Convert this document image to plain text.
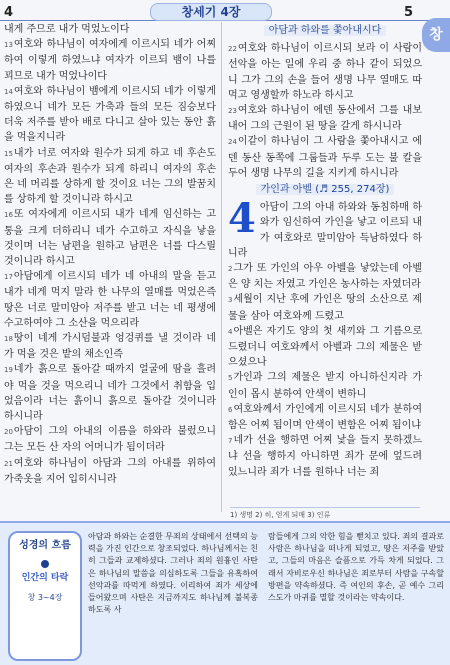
4	창세기 4장	5
창

내게 주므로 내가 먹었노이다

13여호와 하나님이 여자에게 이르시되 네가 어찌하여 이렇게 하였느냐 여자가 이르되 뱀이 나를 꾀므로 내가 먹었나이다

14여호와 하나님이 뱀에게 이르시되 네가 이렇게 하였으니 네가 모든 가축과 들의 모든 짐승보다 더욱 저주를 받아 배로 다니고 살아 있는 동안 흙을 먹을지니라

15내가 너로 여자와 원수가 되게 하고 네 후손도 여자의 후손과 원수가 되게 하리니 여자의 후손은 네 머리를 상하게 할 것이요 너는 그의 발꿈치를 상하게 할 것이니라 하시고

16또 여자에게 이르시되 내가 네게 임신하는 고통을 크게 더하리니 네가 수고하고 자식을 낳을 것이며 너는 남편을 원하고 남편은 너를 다스릴 것이니라 하시고

17아담에게 이르시되 네가 네 아내의 말을 듣고 내가 네게 먹지 말라 한 나무의 열매를 먹었은즉 땅은 너로 말미암아 저주를 받고 너는 네 평생에 수고하여야 그 소산을 먹으리라

18땅이 네게 가시덤불과 엉겅퀴를 낼 것이라 네가 먹을 것은 밭의 채소인즉

19네가 흙으로 돌아갈 때까지 얼굴에 땀을 흘려야 먹을 것을 먹으리니 네가 그것에서 취함을 입었음이라 너는 흙이니 흙으로 돌아갈 것이니라 하시니라

20아담이 그의 아내의 이름을 하와라 불렀으니 그는 모든 산 자의 어머니가 됨이더라

21여호와 하나님이 아담과 그의 아내를 위하여 가죽옷을 지어 입히시니라

아담과 하와를 쫓아내시다

22여호와 하나님이 이르시되 보라 이 사람이 선악을 아는 일에 우리 중 하나 같이 되었으니 그가 그의 손을 들어 생명 나무 열매도 따먹고 영생할까 하노라 하시고

23여호와 하나님이 에덴 동산에서 그를 내보내어 그의 근원이 된 땅을 갈게 하시니라

24이같이 하나님이 그 사람을 쫓아내시고 에덴 동산 동쪽에 그룹들과 두루 도는 불 칼을 두어 생명 나무의 길을 지키게 하시니라

가인과 아벨 (♬ 255, 274장)

4 아담이 그의 아내 하와와 동침하매 하와가 임신하여 가인을 낳고 이르되 내가 여호와로 말미암아 득남하였다 하니라

2그가 또 가인의 아우 아벨을 낳았는데 아벨은 양 치는 자였고 가인은 농사하는 자였더라

3세월이 지난 후에 가인은 땅의 소산으로 제물을 삼아 여호와께 드렸고

4아벨은 자기도 양의 첫 새끼와 그 기름으로 드렸더니 여호와께서 아벨과 그의 제물은 받으셨으나

5가인과 그의 제물은 받지 아니하신지라 가인이 몹시 분하여 안색이 변하니

6여호와께서 가인에게 이르시되 네가 분하여 함은 어찌 됨이며 안색이 변함은 어찌 됨이냐

7네가 선을 행하면 어찌 낯을 들지 못하겠느냐 선을 행하지 아니하면 죄가 문에 엎드려 있느니라 죄가 너를 원하나 너는 죄

1) 생명 2) 히, 얻게 되매 3) 인류
성경의 흐름
인간의 타락
창 3~4장
아담과 하와는 순결한 무죄의 상태에서 선택의 능력을 가진 인간으로 창조되었다. 하나님께서는 친히 그들과 교제하셨다. 그러나 죄의 원흉인 사탄은 하나님의 말씀을 의심하도록 그들을 유혹하여 선악과를 따먹게 하였다. 이리하여 죄가 세상에 들어왔으며 사탄은 지금까지도 하나님께 불복종하도록 사
람들에게 그의 악한 힘을 뻗치고 있다. 죄의 결과로 사람은 하나님을 떠나게 되었고, 땅은 저주를 받았고, 그들의 마음은 슬픔으로 가득 차게 되었다. 그래서 자비로우신 하나님은 죄로부터 사람을 구속할 방편을 약속하셨다. 즉 여인의 후손, 곧 예수 그리스도가 마귀를 멸할 것이라는 약속이다.
